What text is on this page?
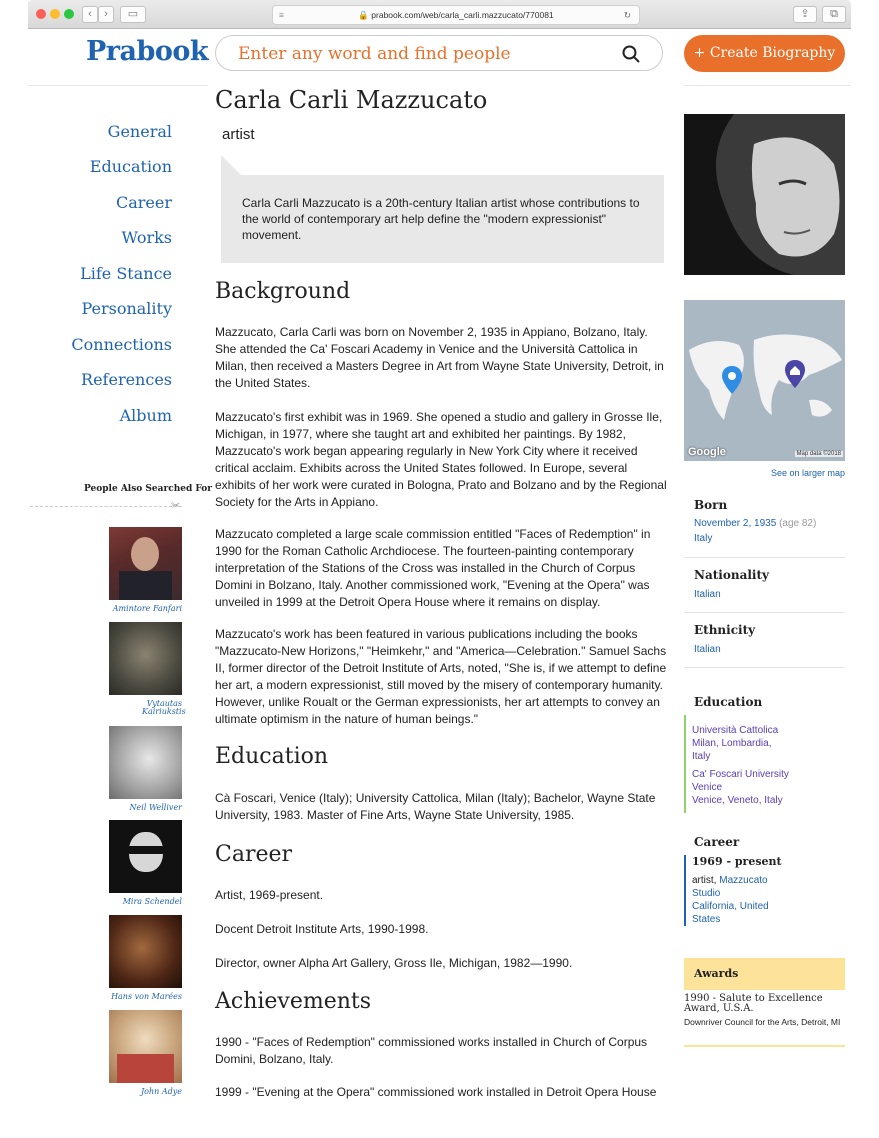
‹	›	▭	≡	🔒 prabook.com/web/carla_carli.mazzucato/770081	↻	⇪	⧉
Prabook
Enter any word and find people	+ Create Biography
General
Education
Career
Works
Life Stance
Personality
Connections
References
Album
People Also Searched For
✂
Amintore Fanfari
Vytautas Kairiukstis
Neil Welliver
Mira Schendel
Hans von Marées
John Adye
Carla Carli Mazzucato
artist

Carla Carli Mazzucato is a 20th-century Italian artist whose contributions to the world of contemporary art help define the "modern expressionist" movement.

Background

Mazzucato, Carla Carli was born on November 2, 1935 in Appiano, Bolzano, Italy. She attended the Ca' Foscari Academy in Venice and the Università Cattolica in Milan, then received a Masters Degree in Art from Wayne State University, Detroit, in the United States.

Mazzucato's first exhibit was in 1969. She opened a studio and gallery in Grosse Ile, Michigan, in 1977, where she taught art and exhibited her paintings. By 1982, Mazzucato's work began appearing regularly in New York City where it received critical acclaim. Exhibits across the United States followed. In Europe, several exhibits of her work were curated in Bologna, Prato and Bolzano and by the Regional Society for the Arts in Appiano.

Mazzucato completed a large scale commission entitled "Faces of Redemption" in 1990 for the Roman Catholic Archdiocese. The fourteen-painting contemporary interpretation of the Stations of the Cross was installed in the Church of Corpus Domini in Bolzano, Italy. Another commissioned work, "Evening at the Opera" was unveiled in 1999 at the Detroit Opera House where it remains on display.

Mazzucato's work has been featured in various publications including the books "Mazzucato-New Horizons," "Heimkehr," and "America—Celebration." Samuel Sachs II, former director of the Detroit Institute of Arts, noted, "She is, if we attempt to define her art, a modern expressionist, still moved by the misery of contemporary humanity. However, unlike Roualt or the German expressionists, her art attempts to convey an ultimate optimism in the nature of human beings."

Education

Cà Foscari, Venice (Italy); University Cattolica, Milan (Italy); Bachelor, Wayne State University, 1983. Master of Fine Arts, Wayne State University, 1985.

Career

Artist, 1969-present.

Docent Detroit Institute Arts, 1990-1998.

Director, owner Alpha Art Gallery, Gross Ile, Michigan, 1982—1990.

Achievements

1990 - "Faces of Redemption" commissioned works installed in Church of Corpus Domini, Bolzano, Italy.

1999 - "Evening at the Opera" commissioned work installed in Detroit Opera House

Google	Map data ©2018
See on larger map
Born
November 2, 1935 (age 82)
Italy
Nationality
Italian
Ethnicity
Italian
Education
Università Cattolica
Milan, Lombardia, Italy
Ca' Foscari University Venice
Venice, Veneto, Italy
Career
1969 - present
artist, Mazzucato Studio
California, United States
Awards
1990 - Salute to Excellence Award, U.S.A.
Downriver Council for the Arts, Detroit, MI
